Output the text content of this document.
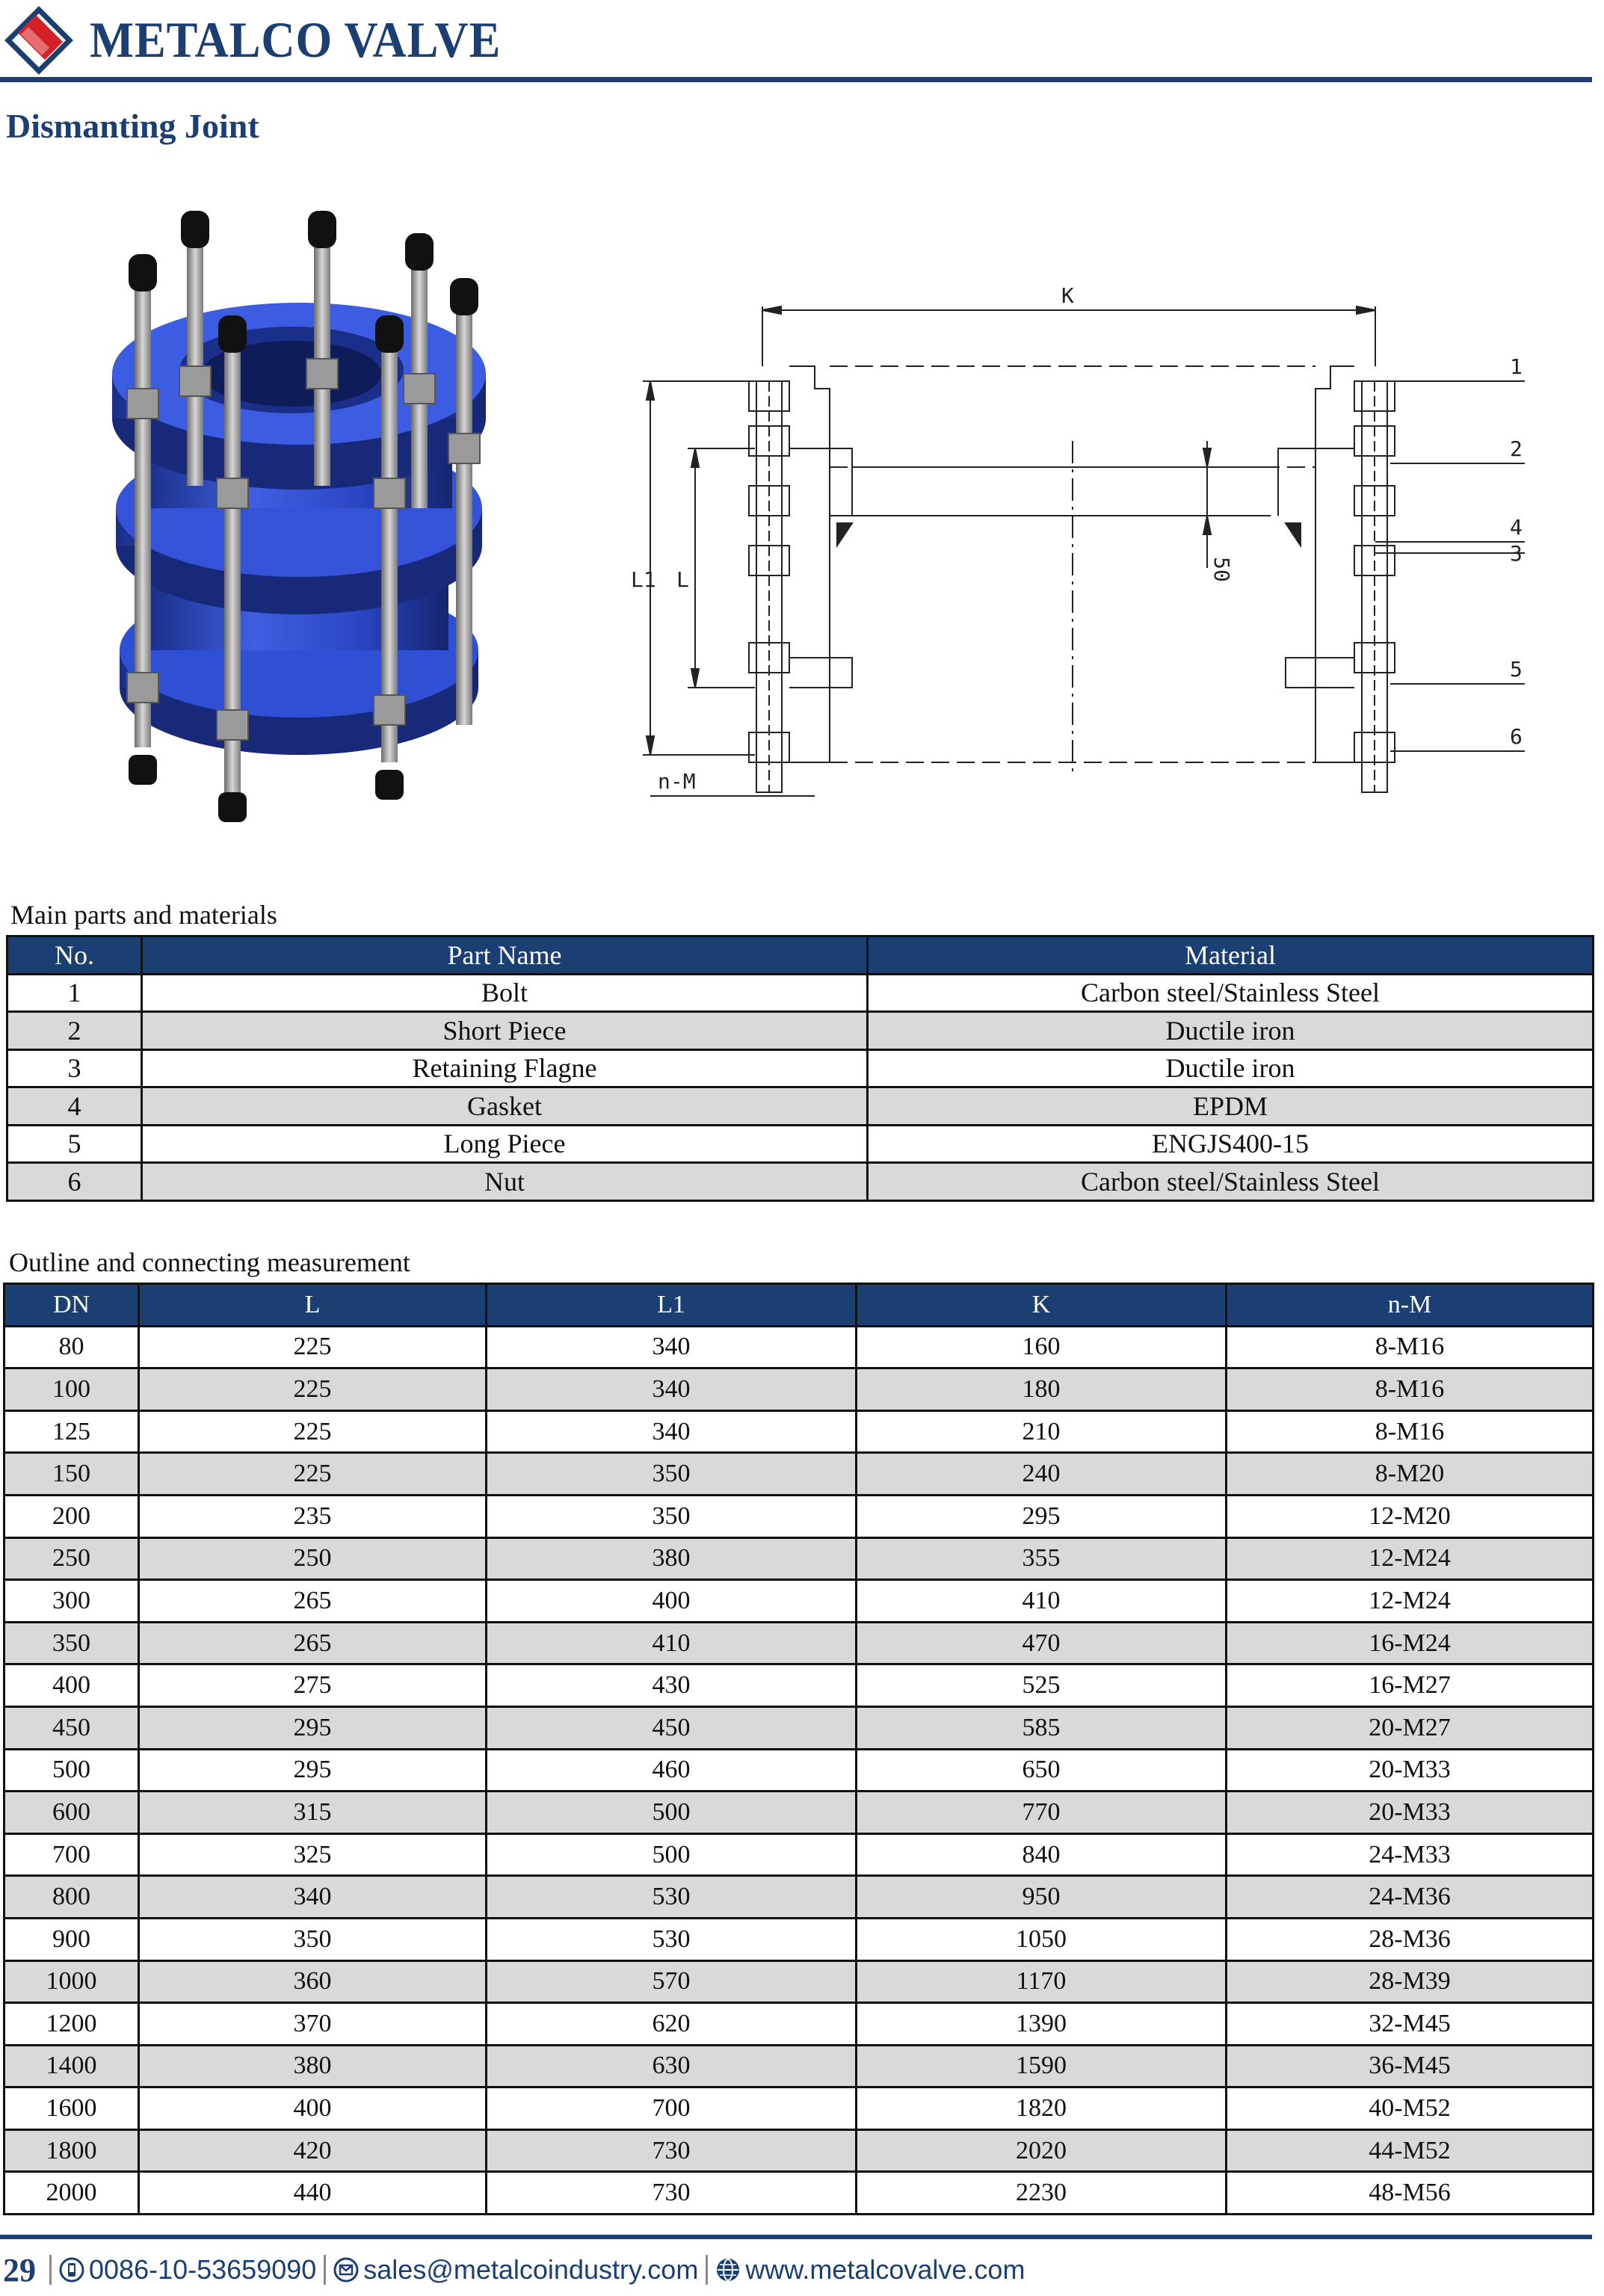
METALCO VALVE
Dismanting Joint
K
L1 L
n-M
50
1
2
4
3
5
6
Main parts and materials
No.	Part Name	Material
1	Bolt	Carbon steel/Stainless Steel
2	Short Piece	Ductile iron
3	Retaining Flagne	Ductile iron
4	Gasket	EPDM
5	Long Piece	ENGJS400-15
6	Nut	Carbon steel/Stainless Steel
Outline and connecting measurement
DN	L	L1	K	n-M
80	225	340	160	8-M16
100	225	340	180	8-M16
125	225	340	210	8-M16
150	225	350	240	8-M20
200	235	350	295	12-M20
250	250	380	355	12-M24
300	265	400	410	12-M24
350	265	410	470	16-M24
400	275	430	525	16-M27
450	295	450	585	20-M27
500	295	460	650	20-M33
600	315	500	770	20-M33
700	325	500	840	24-M33
800	340	530	950	24-M36
900	350	530	1050	28-M36
1000	360	570	1170	28-M39
1200	370	620	1390	32-M45
1400	380	630	1590	36-M45
1600	400	700	1820	40-M52
1800	420	730	2020	44-M52
2000	440	730	2230	48-M56
29 0086-10-53659090 sales@metalcoindustry.com www.metalcovalve.com
